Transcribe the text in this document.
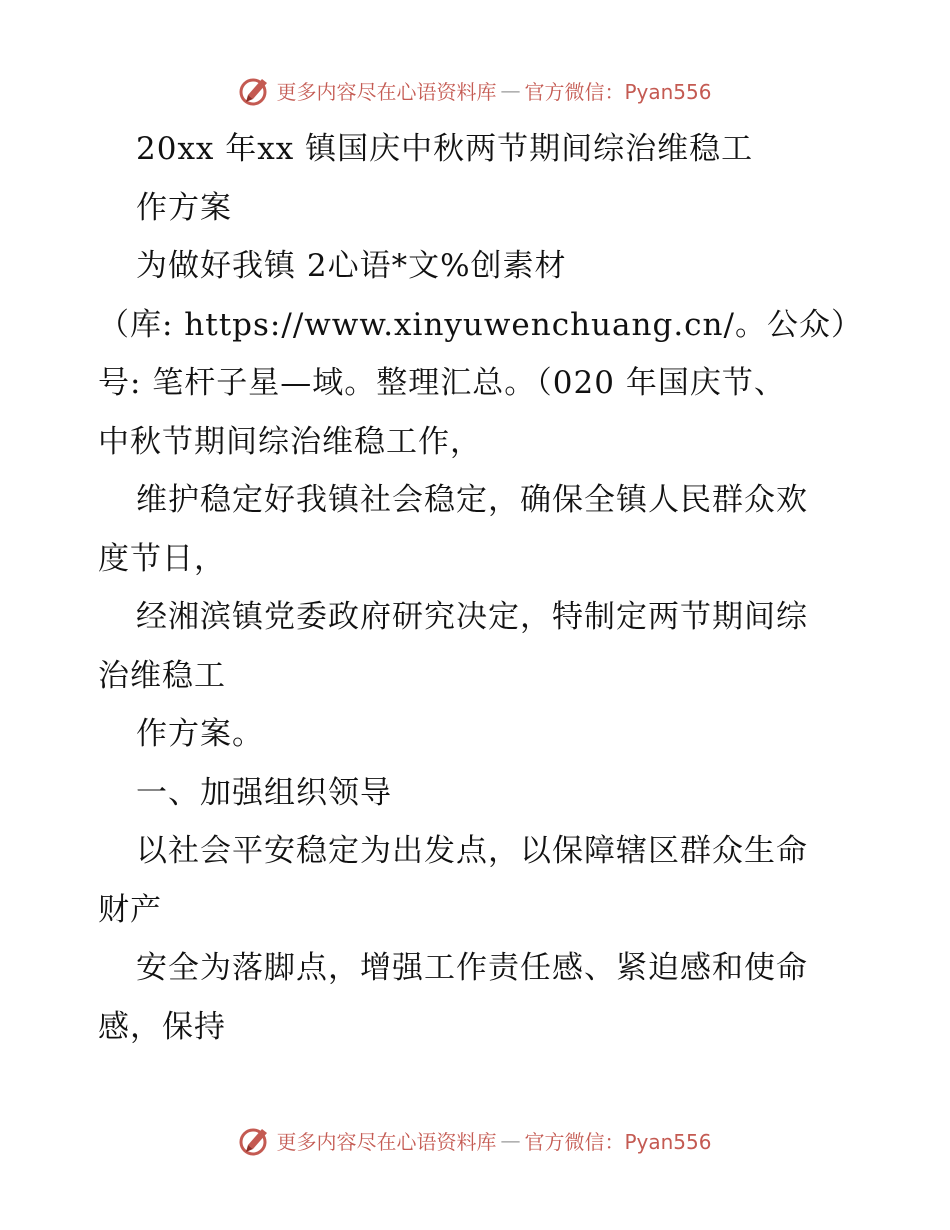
更多内容尽在心语资料库 — 官方微信：Pyan556
20xx 年xx 镇国庆中秋两节期间综治维稳工
作方案
为做好我镇 2心语*文%创素材
（库: https://www.xinyuwenchuang.cn/。公众）
号: 笔杆子星—域。整理汇总。（020 年国庆节、
中秋节期间综治维稳工作，
维护稳定好我镇社会稳定，确保全镇人民群众欢
度节日，
经湘滨镇党委政府研究决定，特制定两节期间综
治维稳工
作方案。
一、加强组织领导
以社会平安稳定为出发点，以保障辖区群众生命
财产
安全为落脚点，增强工作责任感、紧迫感和使命
感，保持
更多内容尽在心语资料库 — 官方微信：Pyan556
